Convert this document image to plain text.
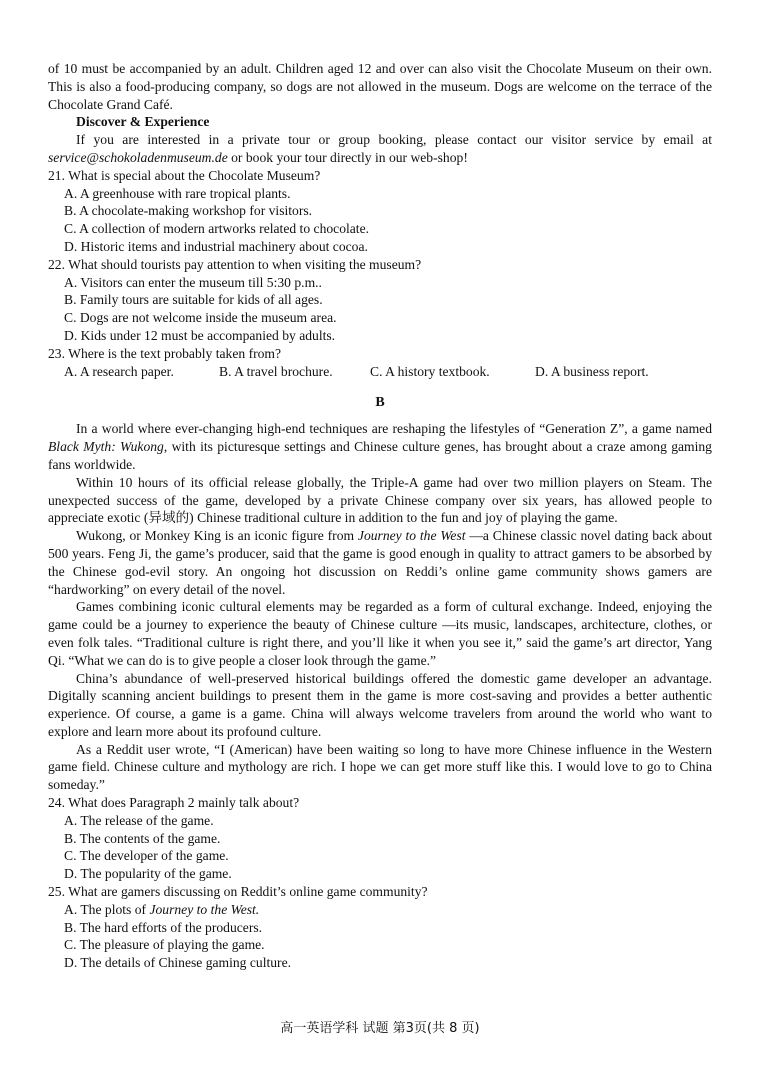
of 10 must be accompanied by an adult. Children aged 12 and over can also visit the Chocolate Museum on their own. This is also a food-producing company, so dogs are not allowed in the museum. Dogs are welcome on the terrace of the Chocolate Grand Café.

Discover & Experience

If you are interested in a private tour or group booking, please contact our visitor service by email at service@schokoladenmuseum.de or book your tour directly in our web-shop!

21. What is special about the Chocolate Museum?

A. A greenhouse with rare tropical plants.

B. A chocolate-making workshop for visitors.

C. A collection of modern artworks related to chocolate.

D. Historic items and industrial machinery about cocoa.

22. What should tourists pay attention to when visiting the museum?

A. Visitors can enter the museum till 5:30 p.m..

B. Family tours are suitable for kids of all ages.

C. Dogs are not welcome inside the museum area.

D. Kids under 12 must be accompanied by adults.

23. Where is the text probably taken from?

A. A research paper.	B. A travel brochure.	C. A history textbook.	D. A business report.
B

In a world where ever-changing high-end techniques are reshaping the lifestyles of “Generation Z”, a game named Black Myth: Wukong, with its picturesque settings and Chinese culture genes, has brought about a craze among gaming fans worldwide.

Within 10 hours of its official release globally, the Triple-A game had over two million players on Steam. The unexpected success of the game, developed by a private Chinese company over six years, has allowed people to appreciate exotic (异域的) Chinese traditional culture in addition to the fun and joy of playing the game.

Wukong, or Monkey King is an iconic figure from Journey to the West —a Chinese classic novel dating back about 500 years. Feng Ji, the game’s producer, said that the game is good enough in quality to attract gamers to be absorbed by the Chinese god-evil story. An ongoing hot discussion on Reddi’s online game community shows gamers are “hardworking” on every detail of the novel.

Games combining iconic cultural elements may be regarded as a form of cultural exchange. Indeed, enjoying the game could be a journey to experience the beauty of Chinese culture —its music, landscapes, architecture, clothes, or even folk tales. “Traditional culture is right there, and you’ll like it when you see it,” said the game’s art director, Yang Qi. “What we can do is to give people a closer look through the game.”

China’s abundance of well-preserved historical buildings offered the domestic game developer an advantage. Digitally scanning ancient buildings to present them in the game is more cost-saving and provides a better authentic experience. Of course, a game is a game. China will always welcome travelers from around the world who want to explore and learn more about its profound culture.

As a Reddit user wrote, “I (American) have been waiting so long to have more Chinese influence in the Western game field. Chinese culture and mythology are rich. I hope we can get more stuff like this. I would love to go to China someday.”

24. What does Paragraph 2 mainly talk about?

A. The release of the game.

B. The contents of the game.

C. The developer of the game.

D. The popularity of the game.

25. What are gamers discussing on Reddit’s online game community?

A. The plots of Journey to the West.

B. The hard efforts of the producers.

C. The pleasure of playing the game.

D. The details of Chinese gaming culture.

高一英语学科 试题 第3页(共 8 页)
